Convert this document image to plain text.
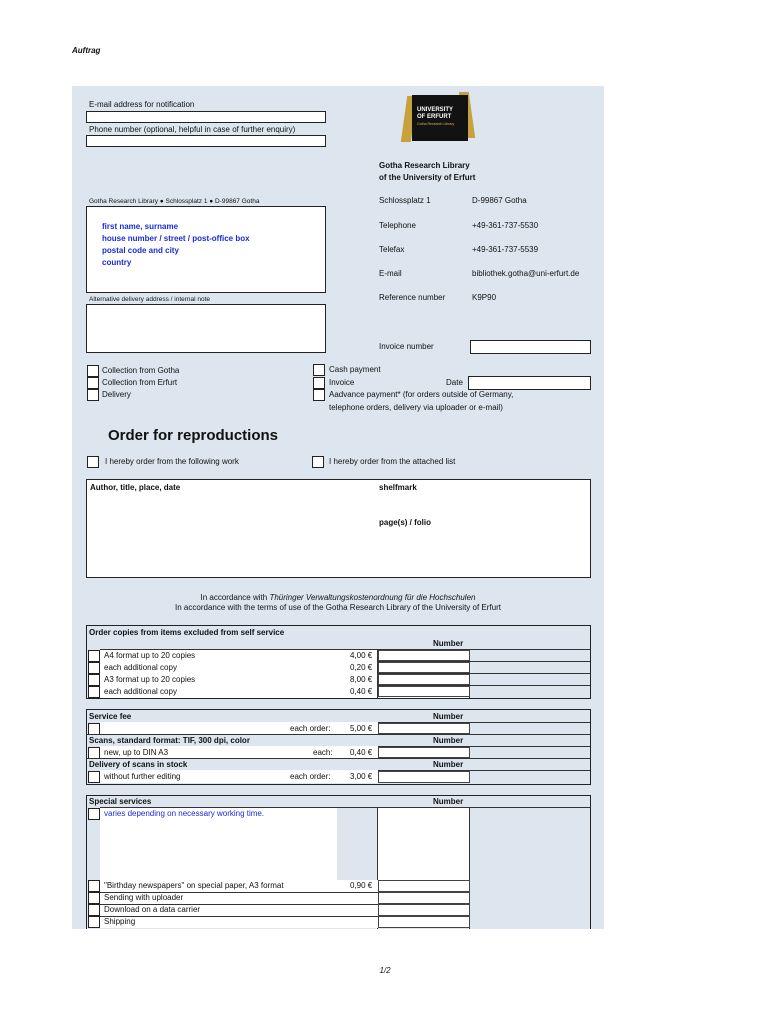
Auftrag
E-mail address for notification
Phone number (optional, helpful in case of further enquiry)
UNIVERSITY
OF ERFURT
Gotha Research Library
Gotha Research Library
of the University of Erfurt
Gotha Research Library ● Schlossplatz 1 ● D-99867 Gotha	Schlossplatz 1	D-99867 Gotha
Telephone	+49-361-737-5530
Telefax	+49-361-737-5539
E-mail	bibliothek.gotha@uni-erfurt.de
Reference number	K9P90
Invoice number
first name, surname
house number / street / post-office box
postal code and city
country
Alternative delivery address / internal note
Collection from Gotha
Collection from Erfurt
Delivery
Cash payment
Invoice	Date
Aadvance payment* (for orders outside of Germany,
telephone orders, delivery via uploader or e-mail)
Order for reproductions
I hereby order from the following work	I hereby order from the attached list
Author, title, place, date	shelfmark
page(s) / folio
In accordance with Thüringer Verwaltungskostenordnung für die Hochschulen
In accordance with the terms of use of the Gotha Research Library of the University of Erfurt
Order copies from items excluded from self service
Number
A4 format up to 20 copies	4,00 €
each additional copy	0,20 €
A3 format up to 20 copies	8,00 €
each additional copy	0,40 €
Service fee	Number
each order: 5,00 €
Scans, standard format: TIF, 300 dpi, color	Number
new, up to DIN A3	each: 0,40 €
Delivery of scans in stock	Number
without further editing	each order: 3,00 €
Special services	Number
varies depending on necessary working time.
"Birthday newspapers" on special paper, A3 format	0,90 €
Sending with uploader
Download on a data carrier
Shipping
1/2
